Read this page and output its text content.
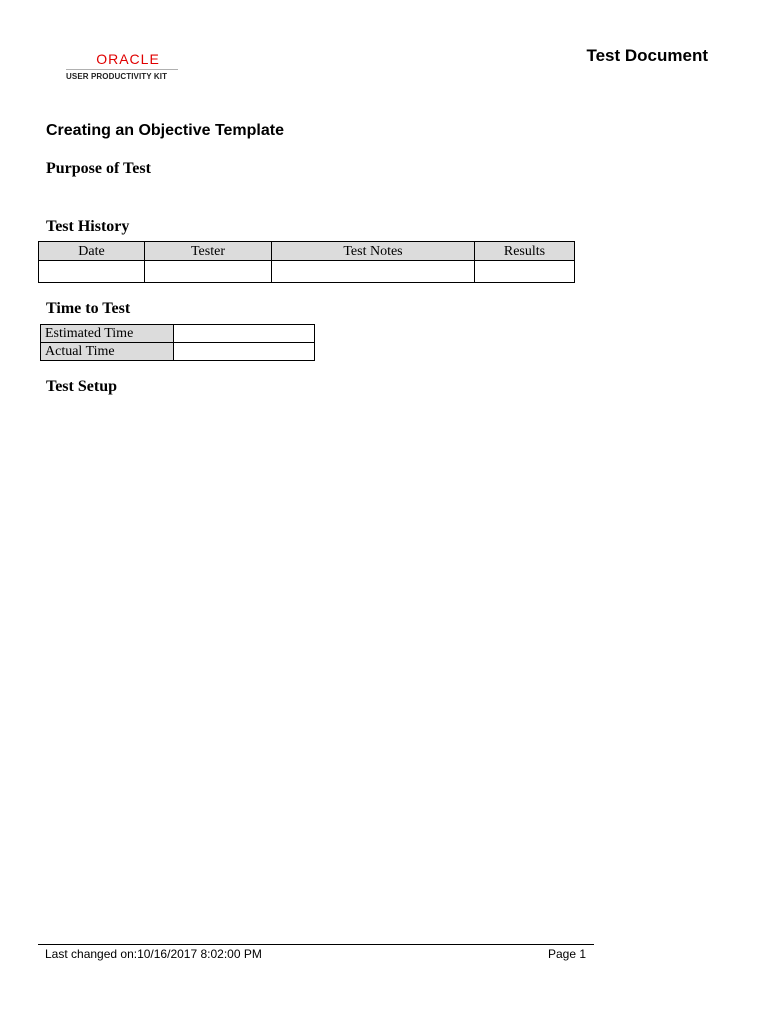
ORACLE
USER PRODUCTIVITY KIT
Test Document
Creating an Objective Template
Purpose of Test
Test History
Date	Tester	Test Notes	Results

Time to Test
Estimated Time	
Actual Time	
Test Setup
Last changed on:10/16/2017 8:02:00 PM	Page 1
